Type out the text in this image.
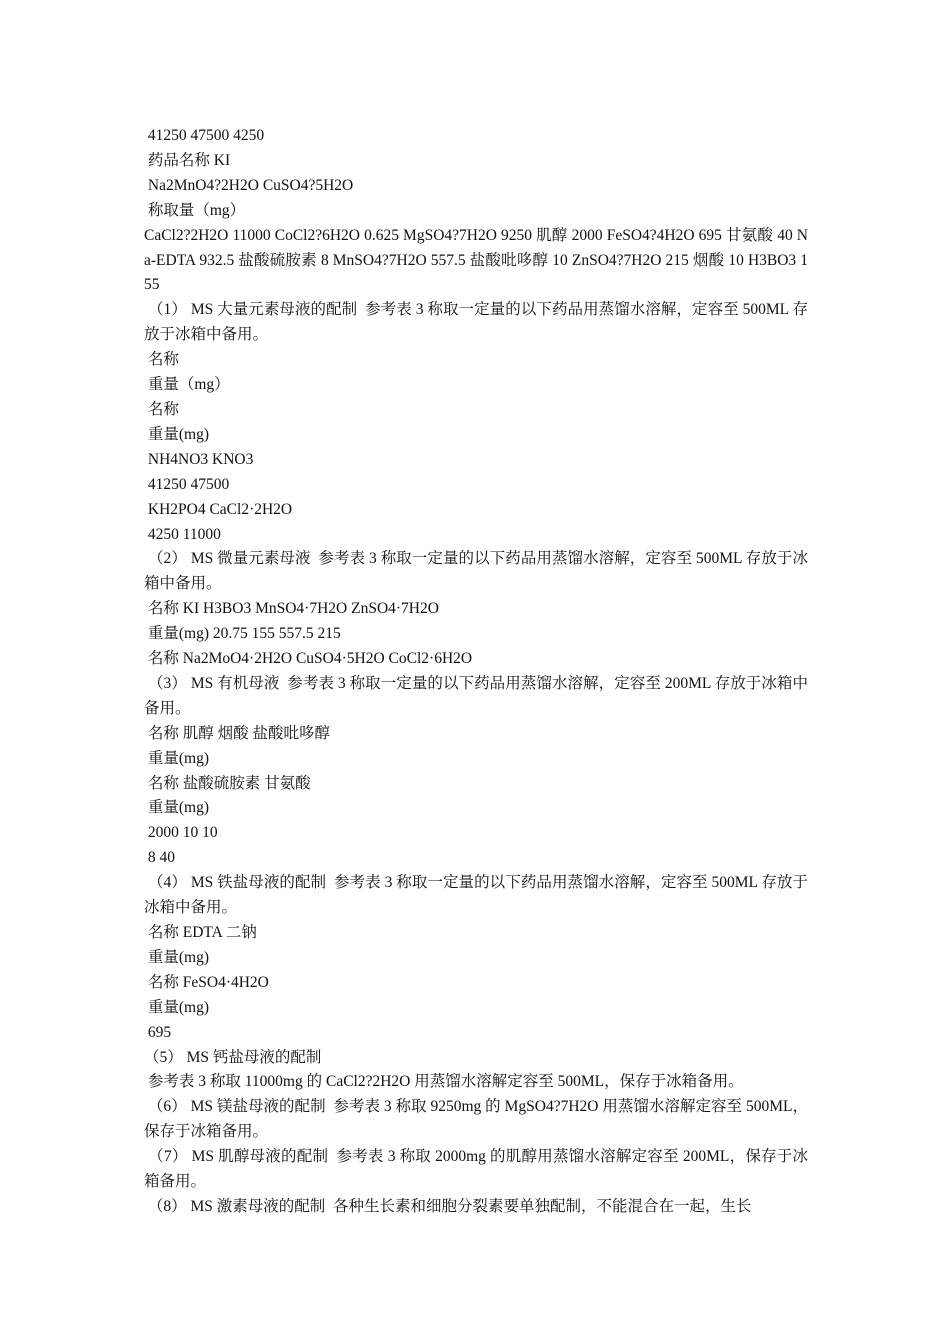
41250 47500 4250

药品名称 KI

Na2MnO4?2H2O CuSO4?5H2O

称取量（mg）

CaCl2?2H2O 11000 CoCl2?6H2O 0.625 MgSO4?7H2O 9250 肌醇 2000 FeSO4?4H2O 695 甘氨酸 40 Na-EDTA 932.5 盐酸硫胺素 8 MnSO4?7H2O 557.5 盐酸吡哆醇 10 ZnSO4?7H2O 215 烟酸 10 H3BO3 155

（1） MS 大量元素母液的配制  参考表 3 称取一定量的以下药品用蒸馏水溶解，定容至 500ML 存放于冰箱中备用。

名称

重量（mg）

名称

重量(mg)

NH4NO3 KNO3

41250 47500

KH2PO4 CaCl2·2H2O

4250 11000

（2） MS 微量元素母液  参考表 3 称取一定量的以下药品用蒸馏水溶解，定容至 500ML 存放于冰箱中备用。

名称 KI H3BO3 MnSO4·7H2O ZnSO4·7H2O

重量(mg) 20.75 155 557.5 215

名称 Na2MoO4·2H2O CuSO4·5H2O CoCl2·6H2O

（3） MS 有机母液  参考表 3 称取一定量的以下药品用蒸馏水溶解，定容至 200ML 存放于冰箱中备用。

名称 肌醇 烟酸 盐酸吡哆醇

重量(mg)

名称 盐酸硫胺素 甘氨酸

重量(mg)

2000 10 10

8 40

（4） MS 铁盐母液的配制  参考表 3 称取一定量的以下药品用蒸馏水溶解，定容至 500ML 存放于冰箱中备用。

名称 EDTA 二钠

重量(mg)

名称 FeSO4·4H2O

重量(mg)

695

（5） MS 钙盐母液的配制

参考表 3 称取 11000mg 的 CaCl2?2H2O 用蒸馏水溶解定容至 500ML，保存于冰箱备用。

（6） MS 镁盐母液的配制  参考表 3 称取 9250mg 的 MgSO4?7H2O 用蒸馏水溶解定容至 500ML，保存于冰箱备用。

（7） MS 肌醇母液的配制  参考表 3 称取 2000mg 的肌醇用蒸馏水溶解定容至 200ML，保存于冰箱备用。

（8） MS 激素母液的配制  各种生长素和细胞分裂素要单独配制，不能混合在一起，生长
